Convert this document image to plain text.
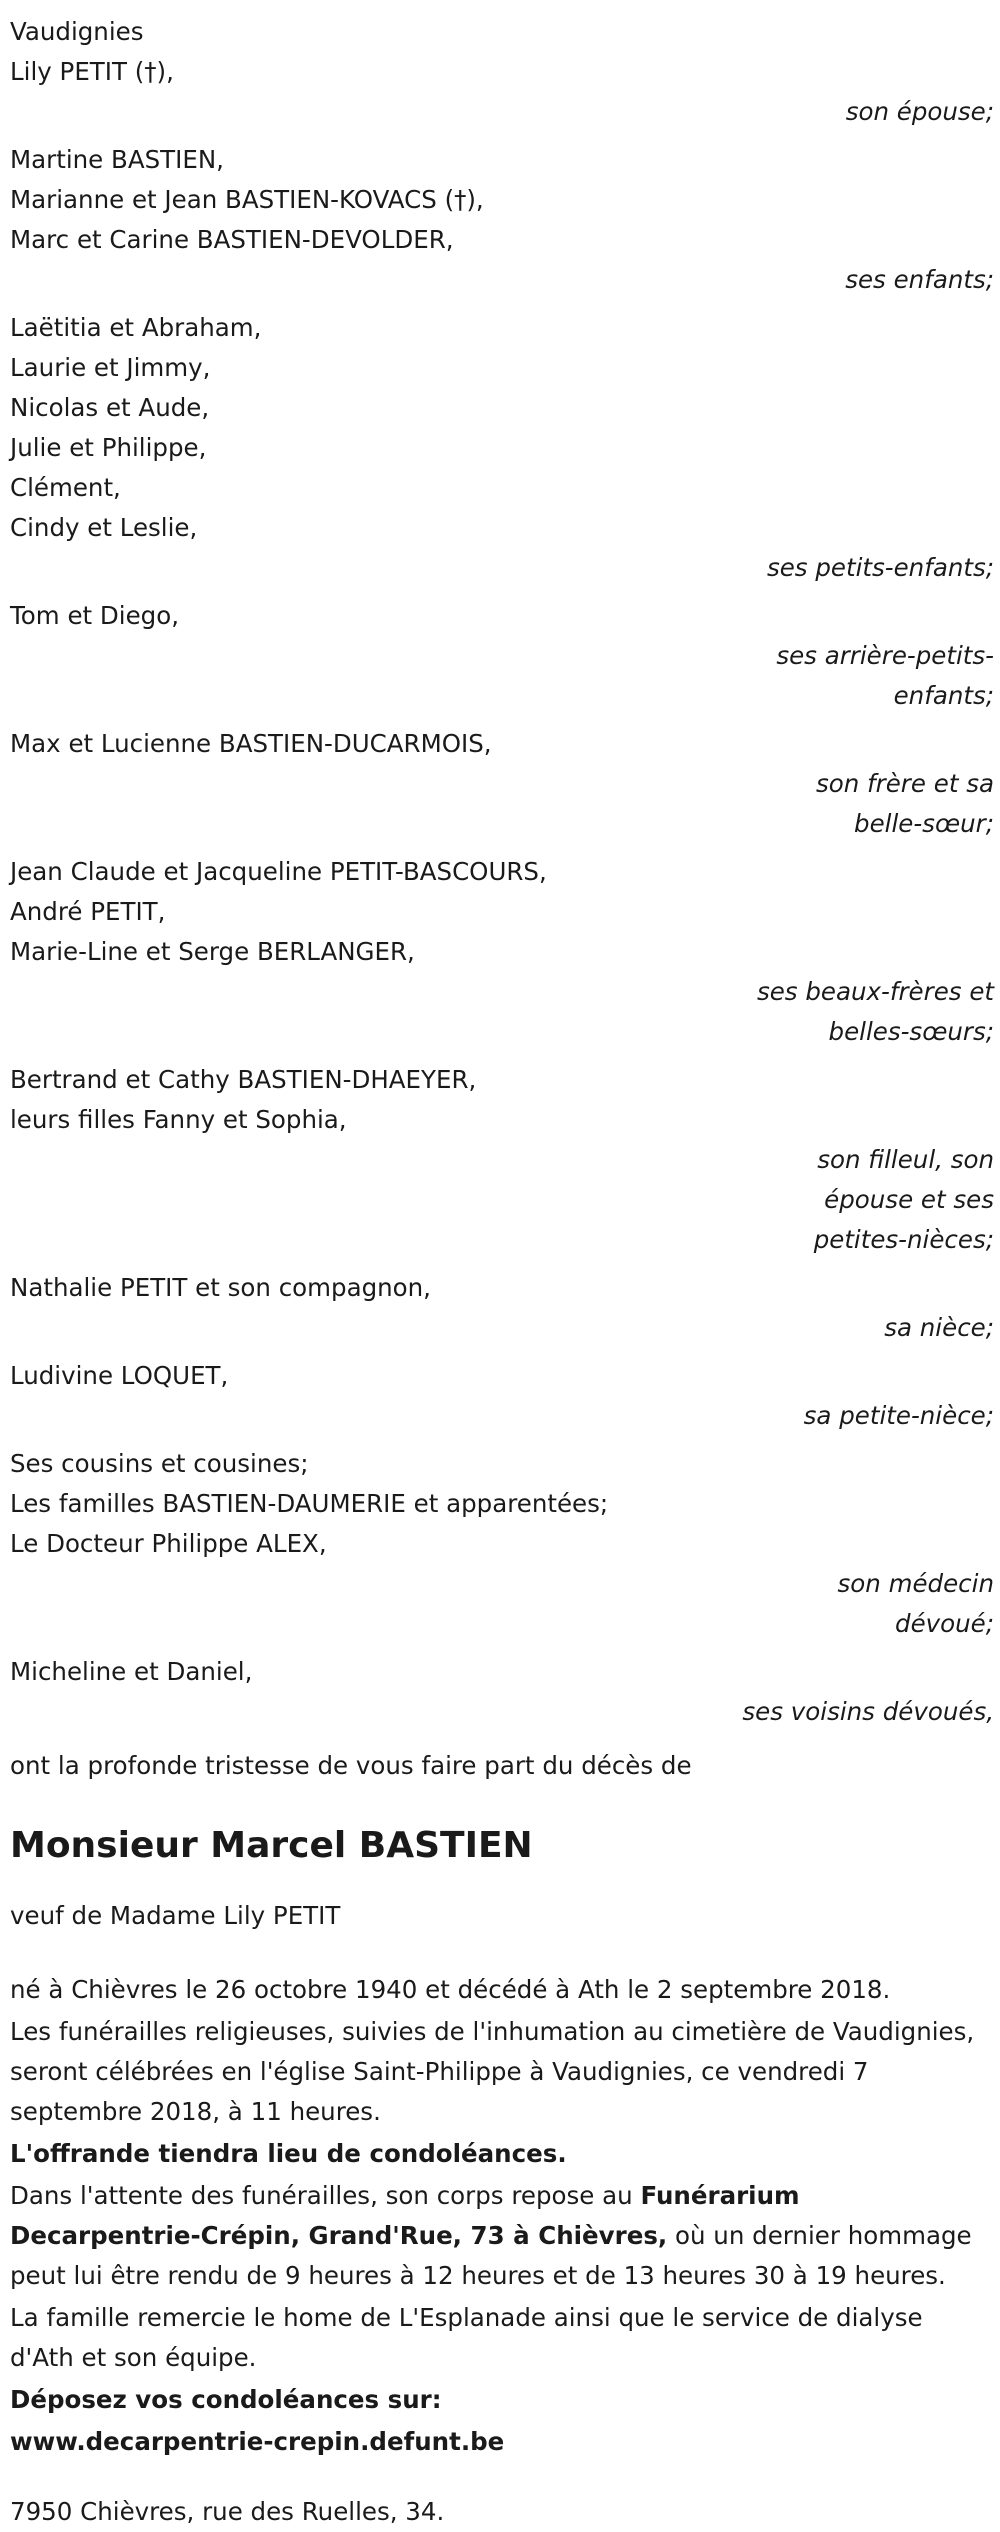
Vaudignies
Lily PETIT (†),
son épouse;
Martine BASTIEN,
Marianne et Jean BASTIEN-KOVACS (†),
Marc et Carine BASTIEN-DEVOLDER,
ses enfants;
Laëtitia et Abraham,
Laurie et Jimmy,
Nicolas et Aude,
Julie et Philippe,
Clément,
Cindy et Leslie,
ses petits-enfants;
Tom et Diego,
ses arrière-petits-
enfants;
Max et Lucienne BASTIEN-DUCARMOIS,
son frère et sa
belle-sœur;
Jean Claude et Jacqueline PETIT-BASCOURS,
André PETIT,
Marie-Line et Serge BERLANGER,
ses beaux-frères et
belles-sœurs;
Bertrand et Cathy BASTIEN-DHAEYER,
leurs filles Fanny et Sophia,
son filleul, son
épouse et ses
petites-nièces;
Nathalie PETIT et son compagnon,
sa nièce;
Ludivine LOQUET,
sa petite-nièce;
Ses cousins et cousines;
Les familles BASTIEN-DAUMERIE et apparentées;
Le Docteur Philippe ALEX,
son médecin
dévoué;
Micheline et Daniel,
ses voisins dévoués,
ont la profonde tristesse de vous faire part du décès de
Monsieur Marcel BASTIEN
veuf de Madame Lily PETIT
né à Chièvres le 26 octobre 1940 et décédé à Ath le 2 septembre 2018.
Les funérailles religieuses, suivies de l'inhumation au cimetière de Vaudignies, seront célébrées en l'église Saint-Philippe à Vaudignies, ce vendredi 7 septembre 2018, à 11 heures.
L'offrande tiendra lieu de condoléances.
Dans l'attente des funérailles, son corps repose au Funérarium Decarpentrie-Crépin, Grand'Rue, 73 à Chièvres, où un dernier hommage peut lui être rendu de 9 heures à 12 heures et de 13 heures 30 à 19 heures.
La famille remercie le home de L'Esplanade ainsi que le service de dialyse d'Ath et son équipe.
Déposez vos condoléances sur:
www.decarpentrie-crepin.defunt.be
7950 Chièvres, rue des Ruelles, 34.
